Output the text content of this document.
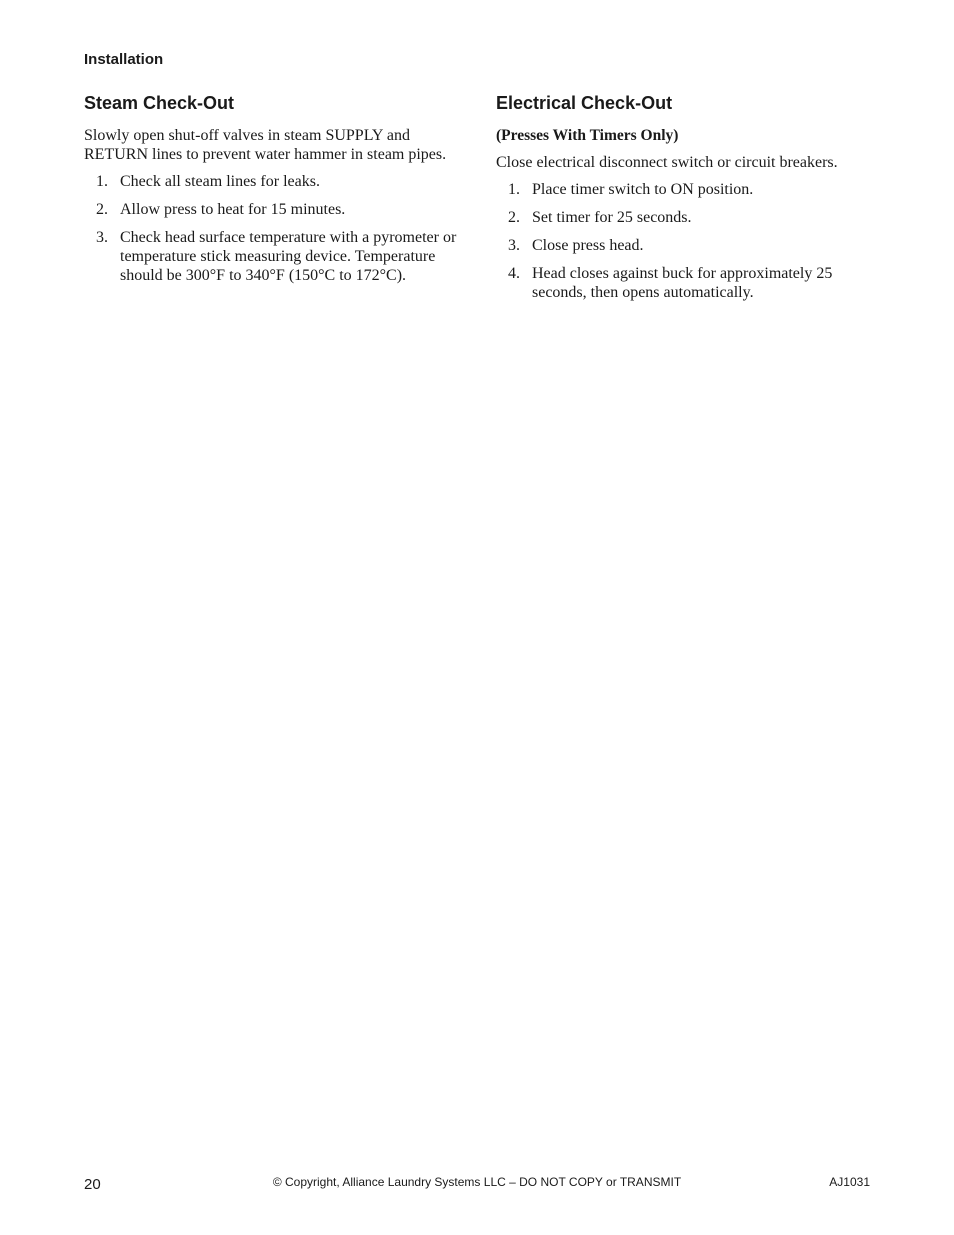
Installation
Steam Check-Out

Slowly open shut-off valves in steam SUPPLY and RETURN lines to prevent water hammer in steam pipes.

1. Check all steam lines for leaks.
2. Allow press to heat for 15 minutes.
3. Check head surface temperature with a pyrometer or temperature stick measuring device. Temperature should be 300°F to 340°F (150°C to 172°C).
Electrical Check-Out
(Presses With Timers Only)

Close electrical disconnect switch or circuit breakers.

1. Place timer switch to ON position.
2. Set timer for 25 seconds.
3. Close press head.
4. Head closes against buck for approximately 25 seconds, then opens automatically.
20	© Copyright, Alliance Laundry Systems LLC – DO NOT COPY or TRANSMIT	AJ1031
